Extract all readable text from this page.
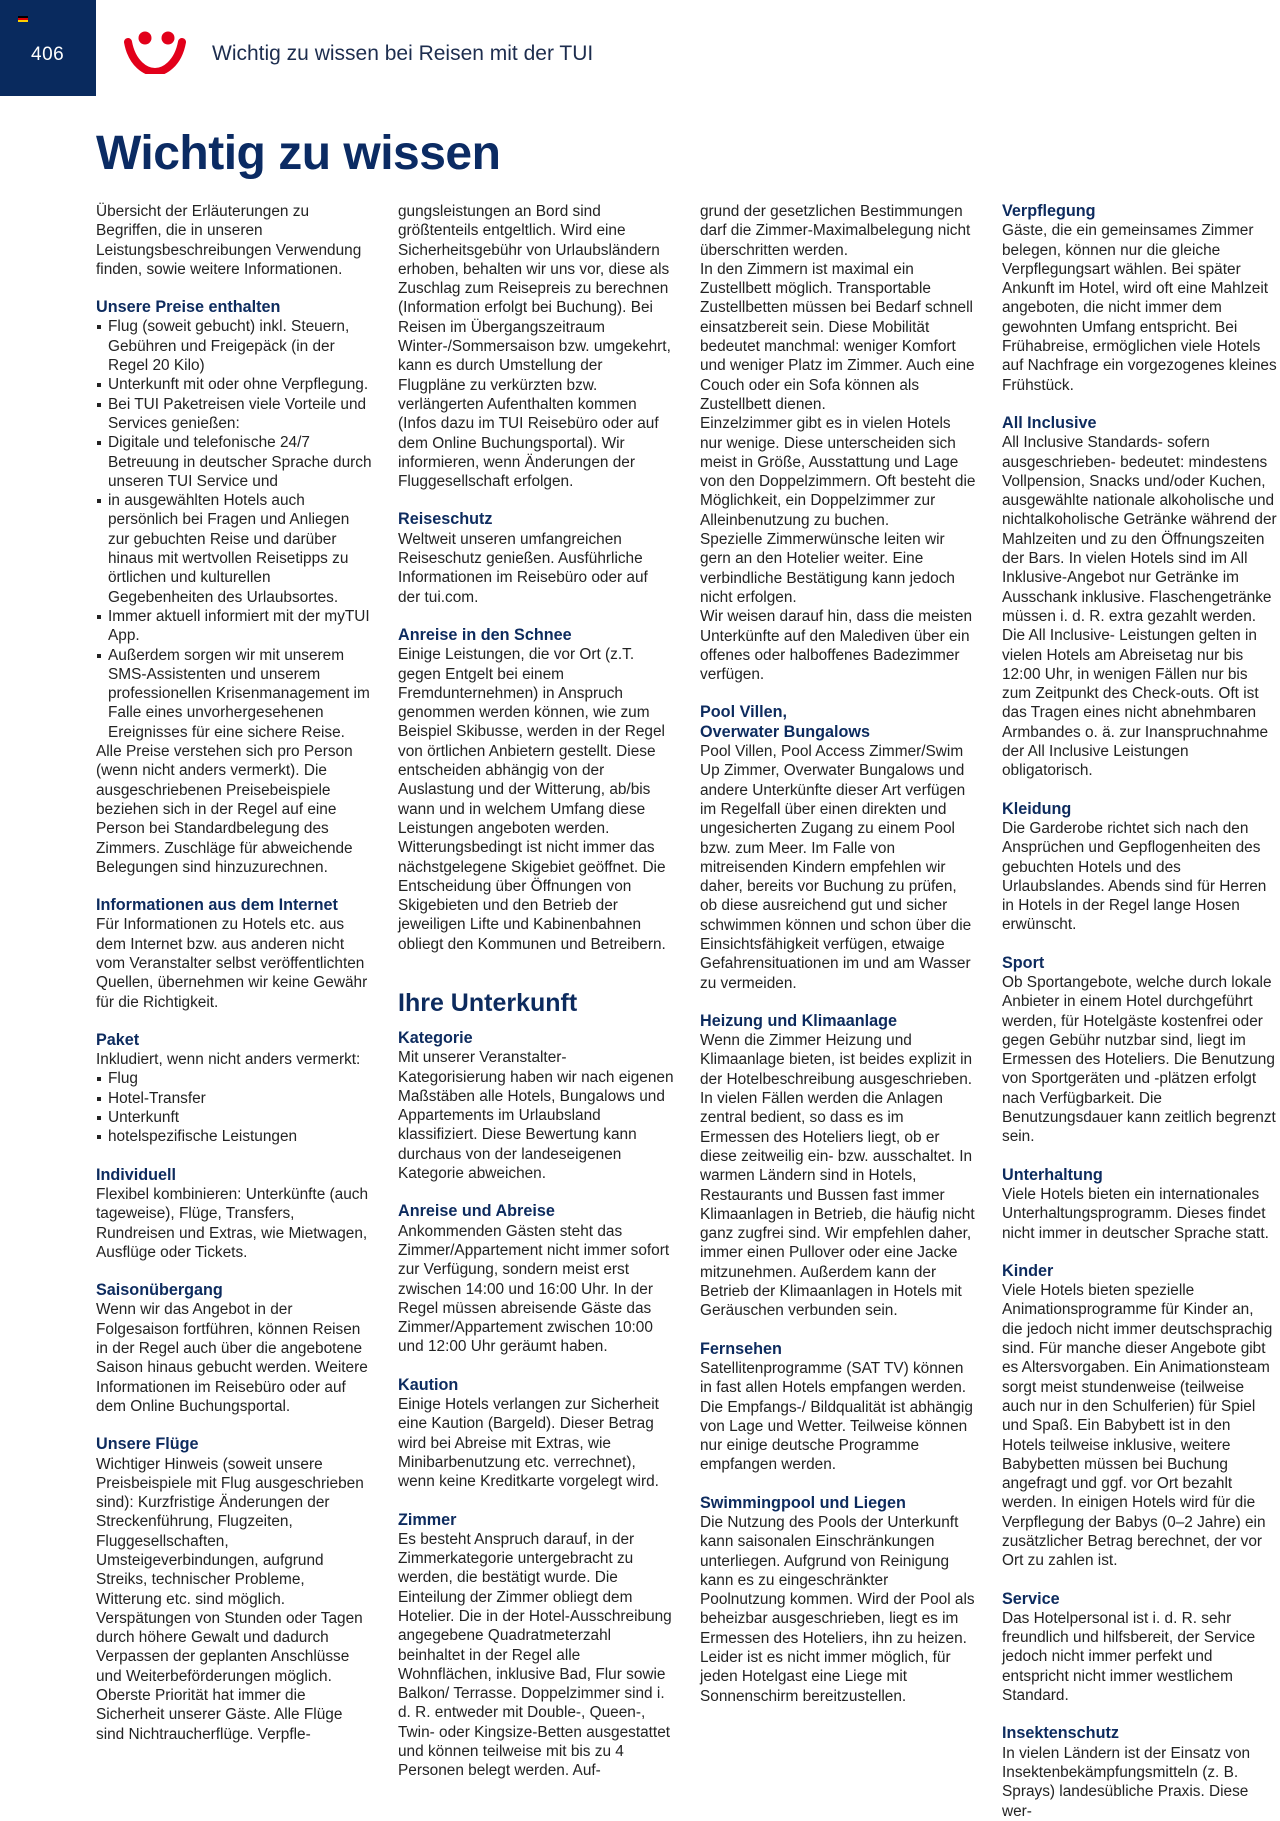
406	Wichtig zu wissen bei Reisen mit der TUI
Wichtig zu wissen

Übersicht der Erläuterungen zu Begriffen, die in unseren Leistungsbeschreibungen Verwendung finden, sowie weitere Informationen.

Unsere Preise enthalten
Flug (soweit gebucht) inkl. Steuern, Gebühren und Freigepäck (in der Regel 20 Kilo)
Unterkunft mit oder ohne Verpflegung.
Bei TUI Paketreisen viele Vorteile und Services genießen:
Digitale und telefonische 24/7 Betreuung in deutscher Sprache durch unseren TUI Service und
in ausgewählten Hotels auch persönlich bei Fragen und Anliegen zur gebuchten Reise und darüber hinaus mit wertvollen Reisetipps zu örtlichen und kulturellen Gegebenheiten des Urlaubsortes.
Immer aktuell informiert mit der myTUI App.
Außerdem sorgen wir mit unserem SMS-Assistenten und unserem professionellen Krisenmanagement im Falle eines unvorhergesehenen Ereignisses für eine sichere Reise.

Alle Preise verstehen sich pro Person (wenn nicht anders vermerkt). Die ausgeschriebenen Preisebeispiele beziehen sich in der Regel auf eine Person bei Standardbelegung des Zimmers. Zuschläge für abweichende Belegungen sind hinzuzurechnen.

Informationen aus dem Internet

Für Informationen zu Hotels etc. aus dem Internet bzw. aus anderen nicht vom Veranstalter selbst veröffentlichten Quellen, übernehmen wir keine Gewähr für die Richtigkeit.

Paket

Inkludiert, wenn nicht anders vermerkt:

Flug
Hotel-Transfer
Unterkunft
hotelspezifische Leistungen
Individuell

Flexibel kombinieren: Unterkünfte (auch tageweise), Flüge, Transfers, Rundreisen und Extras, wie Mietwagen, Ausflüge oder Tickets.

Saisonübergang

Wenn wir das Angebot in der Folgesaison fortführen, können Reisen in der Regel auch über die angebotene Saison hinaus gebucht werden. Weitere Informationen im Reisebüro oder auf dem Online Buchungsportal.

Unsere Flüge

Wichtiger Hinweis (soweit unsere Preisbeispiele mit Flug ausgeschrieben sind): Kurzfristige Änderungen der Streckenführung, Flugzeiten, Fluggesellschaften, Umsteigeverbindungen, aufgrund Streiks, technischer Probleme, Witterung etc. sind möglich. Verspätungen von Stunden oder Tagen durch höhere Gewalt und dadurch Verpassen der geplanten Anschlüsse und Weiterbeförderungen möglich. Oberste Priorität hat immer die Sicherheit unserer Gäste. Alle Flüge sind Nichtraucherflüge. Verpfle-

gungsleistungen an Bord sind größtenteils entgeltlich. Wird eine Sicherheitsgebühr von Urlaubsländern erhoben, behalten wir uns vor, diese als Zuschlag zum Reisepreis zu berechnen (Information erfolgt bei Buchung). Bei Reisen im Übergangszeitraum Winter-/Sommersaison bzw. umgekehrt, kann es durch Umstellung der Flugpläne zu verkürzten bzw. verlängerten Aufenthalten kommen (Infos dazu im TUI Reisebüro oder auf dem Online Buchungsportal). Wir informieren, wenn Änderungen der Fluggesellschaft erfolgen.

Reiseschutz

Weltweit unseren umfangreichen Reiseschutz genießen. Ausführliche Informationen im Reisebüro oder auf der tui.com.

Anreise in den Schnee

Einige Leistungen, die vor Ort (z.T. gegen Entgelt bei einem Fremdunternehmen) in Anspruch genommen werden können, wie zum Beispiel Skibusse, werden in der Regel von örtlichen Anbietern gestellt. Diese entscheiden abhängig von der Auslastung und der Witterung, ab/bis wann und in welchem Umfang diese Leistungen angeboten werden. Witterungsbedingt ist nicht immer das nächstgelegene Skigebiet geöffnet. Die Entscheidung über Öffnungen von Skigebieten und den Betrieb der jeweiligen Lifte und Kabinenbahnen obliegt den Kommunen und Betreibern.

Ihre Unterkunft
Kategorie

Mit unserer Veranstalter-Kategorisierung haben wir nach eigenen Maßstäben alle Hotels, Bungalows und Appartements im Urlaubsland klassifiziert. Diese Bewertung kann durchaus von der landeseigenen Kategorie abweichen.

Anreise und Abreise

Ankommenden Gästen steht das Zimmer/Appartement nicht immer sofort zur Verfügung, sondern meist erst zwischen 14:00 und 16:00 Uhr. In der Regel müssen abreisende Gäste das Zimmer/Appartement zwischen 10:00 und 12:00 Uhr geräumt haben.

Kaution

Einige Hotels verlangen zur Sicherheit eine Kaution (Bargeld). Dieser Betrag wird bei Abreise mit Extras, wie Minibarbenutzung etc. verrechnet), wenn keine Kreditkarte vorgelegt wird.

Zimmer

Es besteht Anspruch darauf, in der Zimmerkategorie untergebracht zu werden, die bestätigt wurde. Die Einteilung der Zimmer obliegt dem Hotelier. Die in der Hotel-Ausschreibung angegebene Quadratmeterzahl beinhaltet in der Regel alle Wohnflächen, inklusive Bad, Flur sowie Balkon/ Terrasse. Doppelzimmer sind i. d. R. entweder mit Double-, Queen-, Twin- oder Kingsize-Betten ausgestattet und können teilweise mit bis zu 4 Personen belegt werden. Auf-

grund der gesetzlichen Bestimmungen darf die Zimmer-Maximalbelegung nicht überschritten werden.

In den Zimmern ist maximal ein Zustellbett möglich. Transportable Zustellbetten müssen bei Bedarf schnell einsatzbereit sein. Diese Mobilität bedeutet manchmal: weniger Komfort und weniger Platz im Zimmer. Auch eine Couch oder ein Sofa können als Zustellbett dienen.

Einzelzimmer gibt es in vielen Hotels nur wenige. Diese unterscheiden sich meist in Größe, Ausstattung und Lage von den Doppelzimmern. Oft besteht die Möglichkeit, ein Doppelzimmer zur Alleinbenutzung zu buchen.

Spezielle Zimmerwünsche leiten wir gern an den Hotelier weiter. Eine verbindliche Bestätigung kann jedoch nicht erfolgen.

Wir weisen darauf hin, dass die meisten Unterkünfte auf den Malediven über ein offenes oder halboffenes Badezimmer verfügen.

Pool Villen,
Overwater Bungalows

Pool Villen, Pool Access Zimmer/Swim Up Zimmer, Overwater Bungalows und andere Unterkünfte dieser Art verfügen im Regelfall über einen direkten und ungesicherten Zugang zu einem Pool bzw. zum Meer. Im Falle von mitreisenden Kindern empfehlen wir daher, bereits vor Buchung zu prüfen, ob diese ausreichend gut und sicher schwimmen können und schon über die Einsichtsfähigkeit verfügen, etwaige Gefahrensituationen im und am Wasser zu vermeiden.

Heizung und Klimaanlage

Wenn die Zimmer Heizung und Klimaanlage bieten, ist beides explizit in der Hotelbeschreibung ausgeschrieben. In vielen Fällen werden die Anlagen zentral bedient, so dass es im Ermessen des Hoteliers liegt, ob er diese zeitweilig ein- bzw. ausschaltet. In warmen Ländern sind in Hotels, Restaurants und Bussen fast immer Klimaanlagen in Betrieb, die häufig nicht ganz zugfrei sind. Wir empfehlen daher, immer einen Pullover oder eine Jacke mitzunehmen. Außerdem kann der Betrieb der Klimaanlagen in Hotels mit Geräuschen verbunden sein.

Fernsehen

Satellitenprogramme (SAT TV) können in fast allen Hotels empfangen werden. Die Empfangs-/ Bildqualität ist abhängig von Lage und Wetter. Teilweise können nur einige deutsche Programme empfangen werden.

Swimmingpool und Liegen

Die Nutzung des Pools der Unterkunft kann saisonalen Einschränkungen unterliegen. Aufgrund von Reinigung kann es zu eingeschränkter Poolnutzung kommen. Wird der Pool als beheizbar ausgeschrieben, liegt es im Ermessen des Hoteliers, ihn zu heizen. Leider ist es nicht immer möglich, für jeden Hotelgast eine Liege mit Sonnenschirm bereitzustellen.

Verpflegung

Gäste, die ein gemeinsames Zimmer belegen, können nur die gleiche Verpflegungsart wählen. Bei später Ankunft im Hotel, wird oft eine Mahlzeit angeboten, die nicht immer dem gewohnten Umfang entspricht. Bei Frühabreise, ermöglichen viele Hotels auf Nachfrage ein vorgezogenes kleines Frühstück.

All Inclusive

All Inclusive Standards- sofern ausgeschrieben- bedeutet: mindestens Vollpension, Snacks und/oder Kuchen, ausgewählte nationale alkoholische und nichtalkoholische Getränke während der Mahlzeiten und zu den Öffnungszeiten der Bars. In vielen Hotels sind im All Inklusive-Angebot nur Getränke im Ausschank inklusive. Flaschengetränke müssen i. d. R. extra gezahlt werden. Die All Inclusive- Leistungen gelten in vielen Hotels am Abreisetag nur bis 12:00 Uhr, in wenigen Fällen nur bis zum Zeitpunkt des Check-outs. Oft ist das Tragen eines nicht abnehmbaren Armbandes o. ä. zur Inanspruchnahme der All Inclusive Leistungen obligatorisch.

Kleidung

Die Garderobe richtet sich nach den Ansprüchen und Gepflogenheiten des gebuchten Hotels und des Urlaubslandes. Abends sind für Herren in Hotels in der Regel lange Hosen erwünscht.

Sport

Ob Sportangebote, welche durch lokale Anbieter in einem Hotel durchgeführt werden, für Hotelgäste kostenfrei oder gegen Gebühr nutzbar sind, liegt im Ermessen des Hoteliers. Die Benutzung von Sportgeräten und -plätzen erfolgt nach Verfügbarkeit. Die Benutzungsdauer kann zeitlich begrenzt sein.

Unterhaltung

Viele Hotels bieten ein internationales Unterhaltungsprogramm. Dieses findet nicht immer in deutscher Sprache statt.

Kinder

Viele Hotels bieten spezielle Animationsprogramme für Kinder an, die jedoch nicht immer deutschsprachig sind. Für manche dieser Angebote gibt es Altersvorgaben. Ein Animationsteam sorgt meist stundenweise (teilweise auch nur in den Schulferien) für Spiel und Spaß. Ein Babybett ist in den Hotels teilweise inklusive, weitere Babybetten müssen bei Buchung angefragt und ggf. vor Ort bezahlt werden. In einigen Hotels wird für die Verpflegung der Babys (0–2 Jahre) ein zusätzlicher Betrag berechnet, der vor Ort zu zahlen ist.

Service

Das Hotelpersonal ist i. d. R. sehr freundlich und hilfsbereit, der Service jedoch nicht immer perfekt und entspricht nicht immer westlichem Standard.

Insektenschutz

In vielen Ländern ist der Einsatz von Insektenbekämpfungsmitteln (z. B. Sprays) landesübliche Praxis. Diese wer-
